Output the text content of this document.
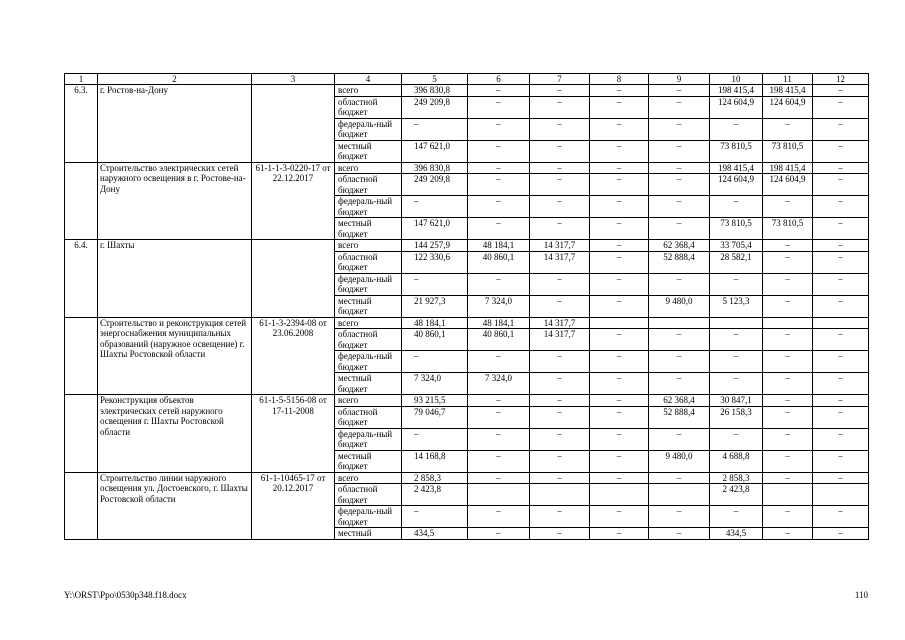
1	2	3	4	5	6	7	8	9	10	11	12
6.3.	г. Ростов-на-Дону		всего	396 830,8	–	–	–	–	198 415,4	198 415,4	–
			областной бюджет	249 209,8	–	–	–	–	124 604,9	124 604,9	–
			федераль-ный бюджет	–	–	–	–	–	–	–	–
			местный бюджет	147 621,0	–	–	–	–	73 810,5	73 810,5	–
	Строительство электрических сетей наружного освещения в г. Ростове-на-Дону	61-1-1-3-0220-17 от 22.12.2017	всего	396 830,8	–	–	–	–	198 415,4	198 415,4	–
			областной бюджет	249 209,8	–	–	–	–	124 604,9	124 604,9	–
			федераль-ный бюджет	–	–	–	–	–	–	–	–
			местный бюджет	147 621,0	–	–	–	–	73 810,5	73 810,5	–
6.4.	г. Шахты		всего	144 257,9	48 184,1	14 317,7	–	62 368,4	33 705,4	–	–
			областной бюджет	122 330,6	40 860,1	14 317,7	–	52 888,4	28 582,1	–	–
			федераль-ный бюджет	–	–	–	–	–	–	–	–
			местный бюджет	21 927,3	7 324,0	–	–	9 480,0	5 123,3	–	–
	Строительство и реконструкция сетей энергоснабжения муниципальных образований (наружное освещение) г. Шахты Ростовской области	61-1-3-2394-08 от 23.06.2008	всего	48 184,1	48 184,1	14 317,7					
			областной бюджет	40 860,1	40 860,1	14 317,7	–	–	–	–	–
			федераль-ный бюджет	–	–	–	–	–	–	–	–
			местный бюджет	7 324,0	7 324,0	–	–	–	–	–	–
	Реконструкция объектов электрических сетей наружного освещения г. Шахты Ростовской области	61-1-5-5156-08 от 17-11-2008	всего	93 215,5	–	–	–	62 368,4	30 847,1	–	–
			областной бюджет	79 046,7	–	–	–	52 888,4	26 158,3	–	–
			федераль-ный бюджет	–	–	–	–	–	–	–	–
			местный бюджет	14 168,8	–	–	–	9 480,0	4 688,8	–	–
	Строительство линии наружного освещения ул. Достоевского, г. Шахты Ростовской области	61-1-10465-17 от 20.12.2017	всего	2 858,3	–	–	–	–	2 858,3	–	–
			областной бюджет	2 423,8					2 423,8		
			федераль-ный бюджет	–	–	–	–	–	–	–	–
			местный	434,5	–	–	–	–	434,5	–	–
Y:\ORST\Ppo\0530p348.f18.docx	110
